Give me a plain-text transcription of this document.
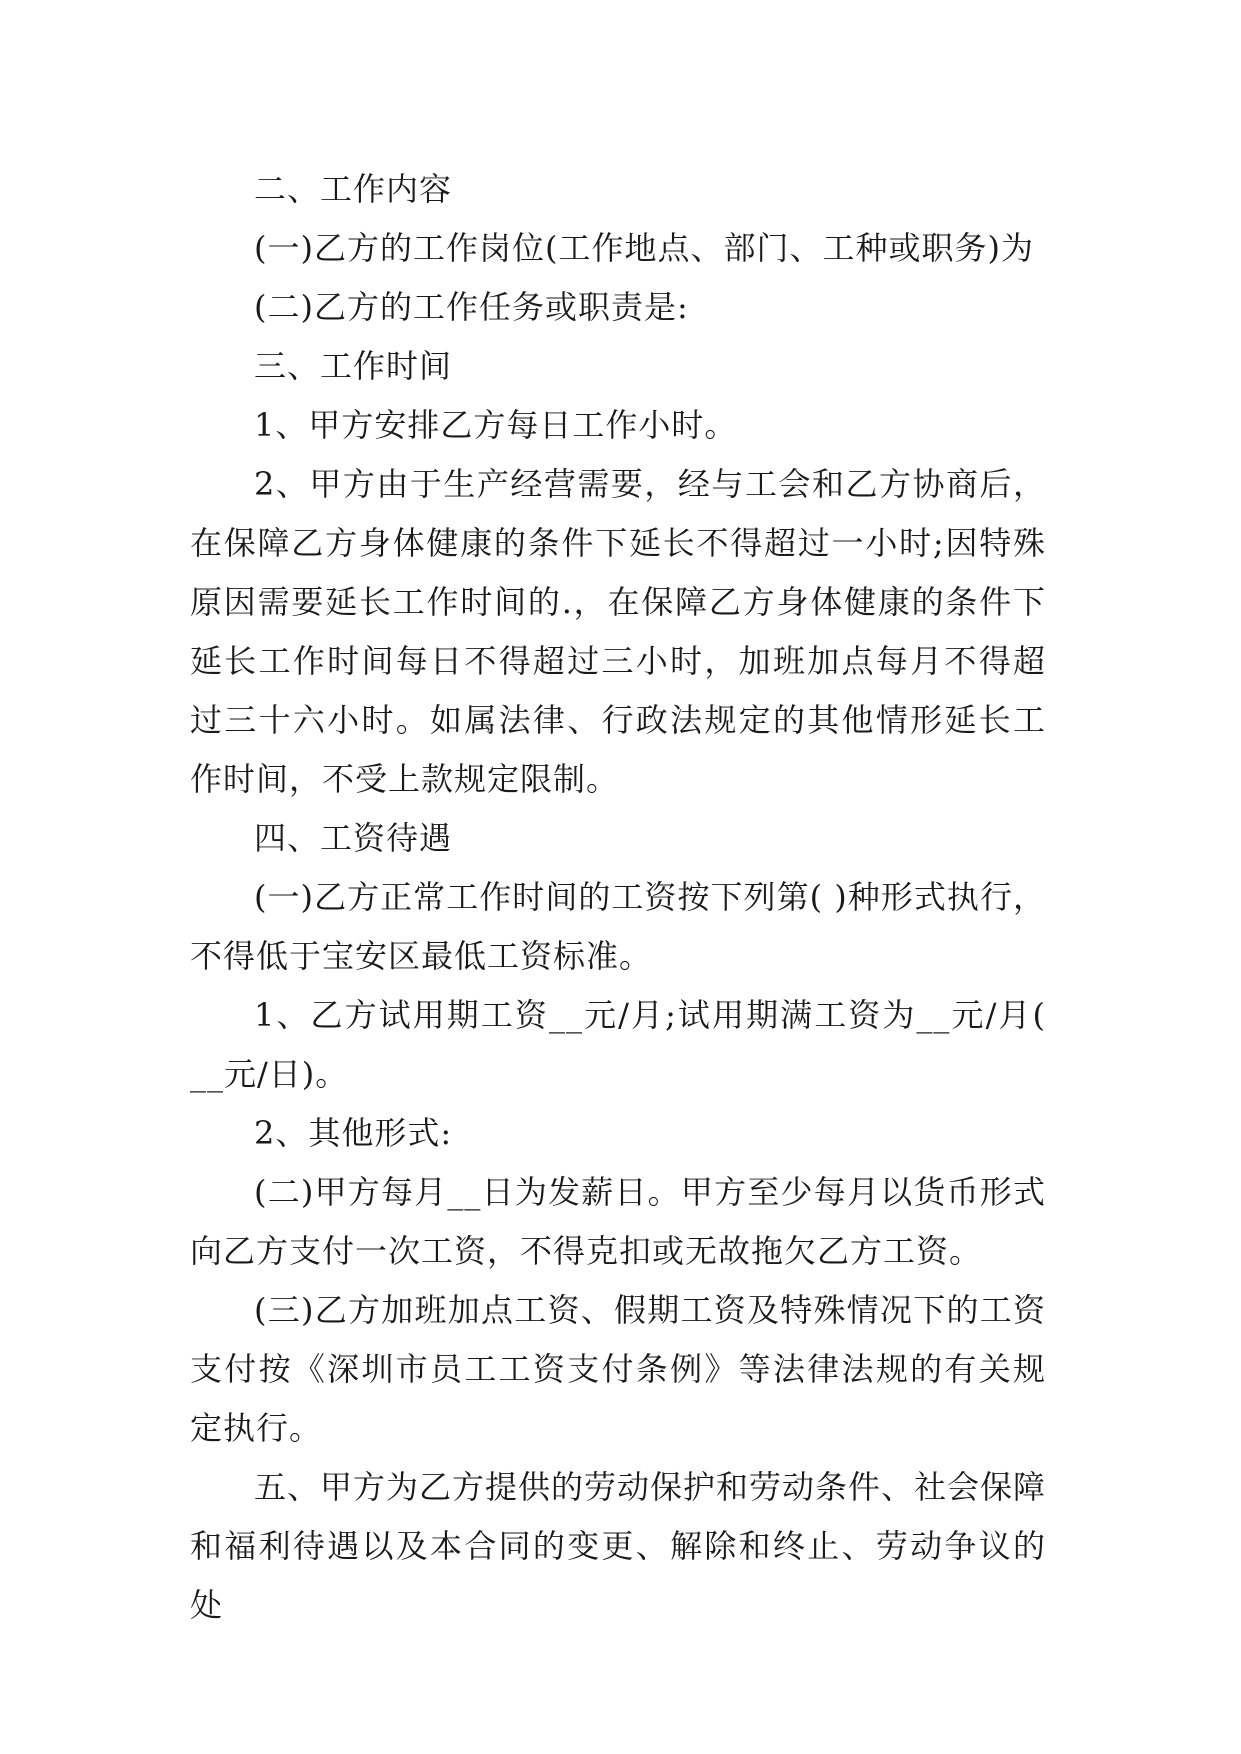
二、工作内容

(一)乙方的工作岗位(工作地点、部门、工种或职务)为

(二)乙方的工作任务或职责是:

三、工作时间

1、甲方安排乙方每日工作小时。

2、甲方由于生产经营需要，经与工会和乙方协商后，在保障乙方身体健康的条件下延长不得超过一小时;因特殊原因需要延长工作时间的.，在保障乙方身体健康的条件下延长工作时间每日不得超过三小时，加班加点每月不得超过三十六小时。如属法律、行政法规定的其他情形延长工作时间，不受上款规定限制。

四、工资待遇

(一)乙方正常工作时间的工资按下列第( )种形式执行，不得低于宝安区最低工资标准。

1、乙方试用期工资__元/月;试用期满工资为__元/月( __元/日)。

2、其他形式:

(二)甲方每月__日为发薪日。甲方至少每月以货币形式向乙方支付一次工资，不得克扣或无故拖欠乙方工资。

(三)乙方加班加点工资、假期工资及特殊情况下的工资支付按《深圳市员工工资支付条例》等法律法规的有关规定执行。

五、甲方为乙方提供的劳动保护和劳动条件、社会保障和福利待遇以及本合同的变更、解除和终止、劳动争议的处
